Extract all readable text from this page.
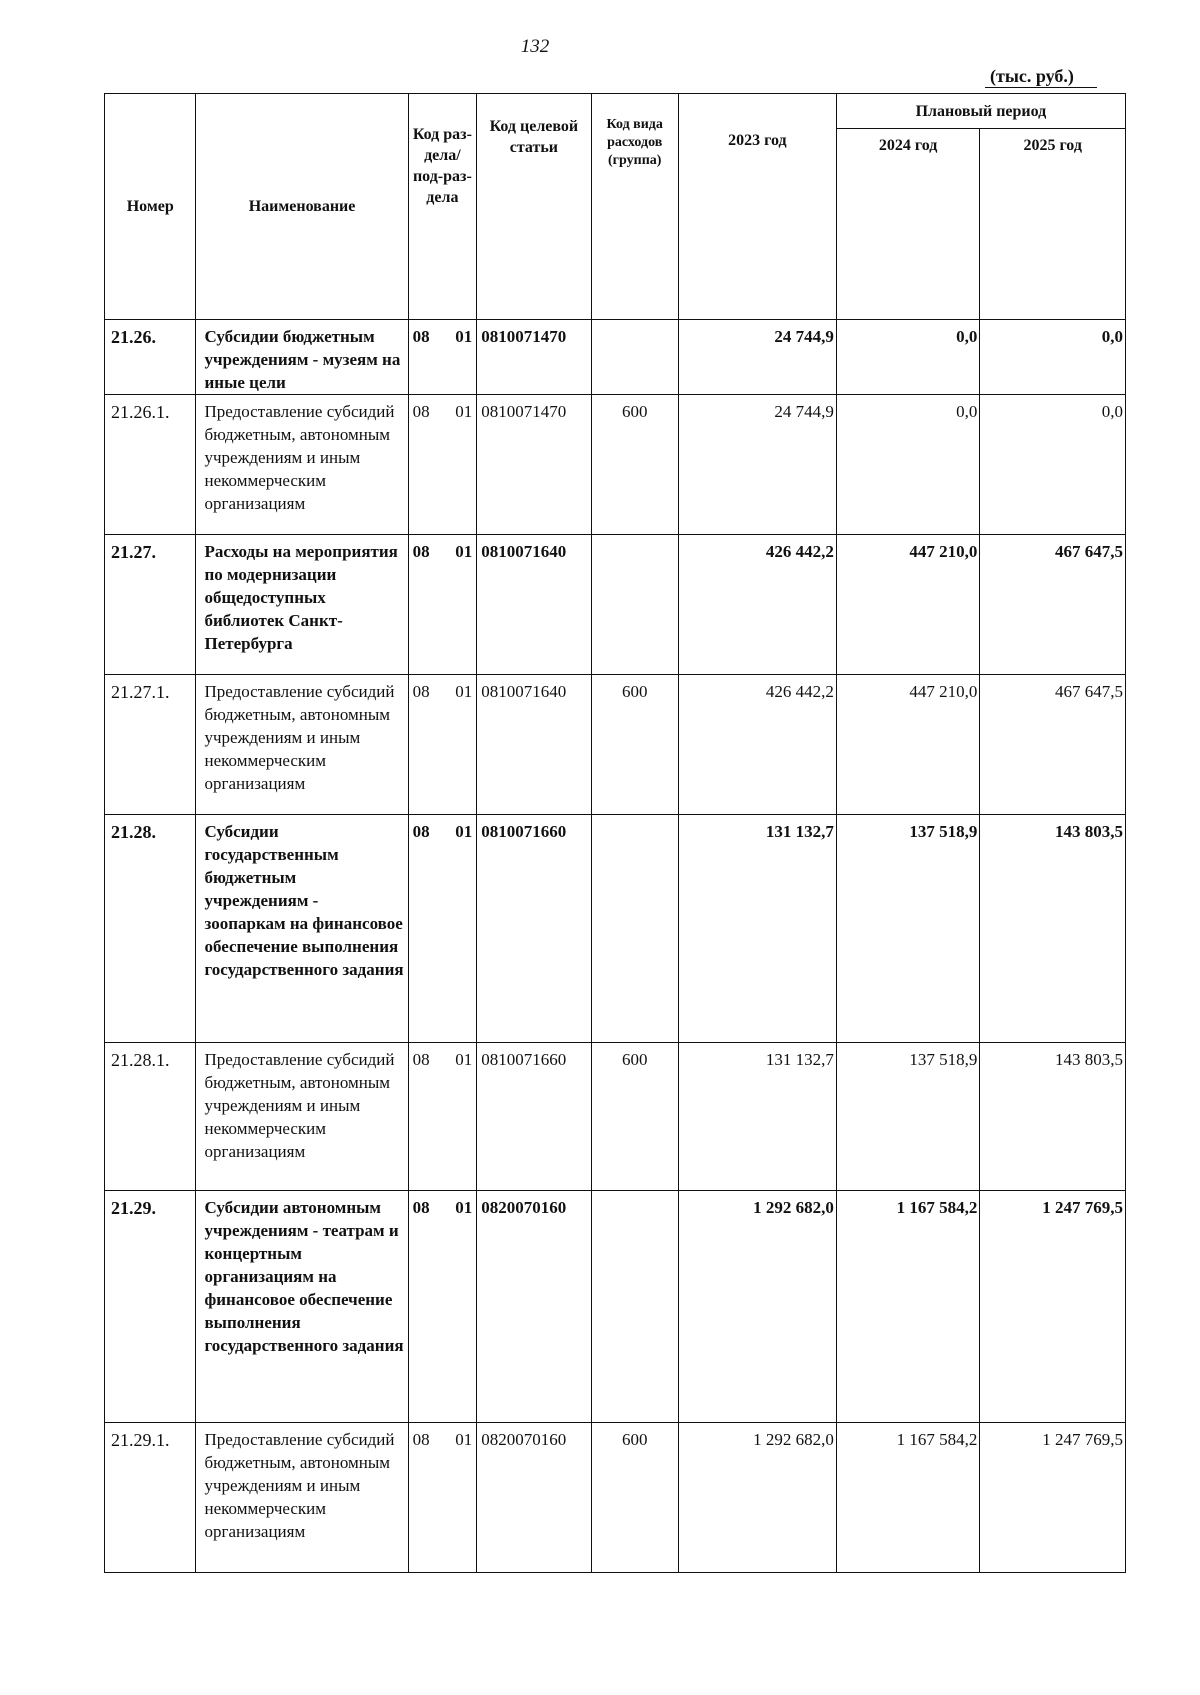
132
(тыс. руб.)
Номер	Наименование	Код раз-дела/ под-раз-дела	Код целевой статьи	Код вида расходов (группа)	2023 год	Плановый период	
						2024 год	2025 год
21.26.	Субсидии бюджетным учреждениям - музеям на иные цели	08 01	0810071470		24 744,9	0,0	0,0
21.26.1.	Предоставление субсидий бюджетным, автономным учреждениям и иным некоммерческим организациям	08 01	0810071470	600	24 744,9	0,0	0,0
21.27.	Расходы на мероприятия по модернизации общедоступных библиотек Санкт-Петербурга	08 01	0810071640		426 442,2	447 210,0	467 647,5
21.27.1.	Предоставление субсидий бюджетным, автономным учреждениям и иным некоммерческим организациям	08 01	0810071640	600	426 442,2	447 210,0	467 647,5
21.28.	Субсидии государственным бюджетным учреждениям - зоопаркам на финансовое обеспечение выполнения государственного задания	08 01	0810071660		131 132,7	137 518,9	143 803,5
21.28.1.	Предоставление субсидий бюджетным, автономным учреждениям и иным некоммерческим организациям	08 01	0810071660	600	131 132,7	137 518,9	143 803,5
21.29.	Субсидии автономным учреждениям - театрам и концертным организациям на финансовое обеспечение выполнения государственного задания	08 01	0820070160		1 292 682,0	1 167 584,2	1 247 769,5
21.29.1.	Предоставление субсидий бюджетным, автономным учреждениям и иным некоммерческим организациям	08 01	0820070160	600	1 292 682,0	1 167 584,2	1 247 769,5
